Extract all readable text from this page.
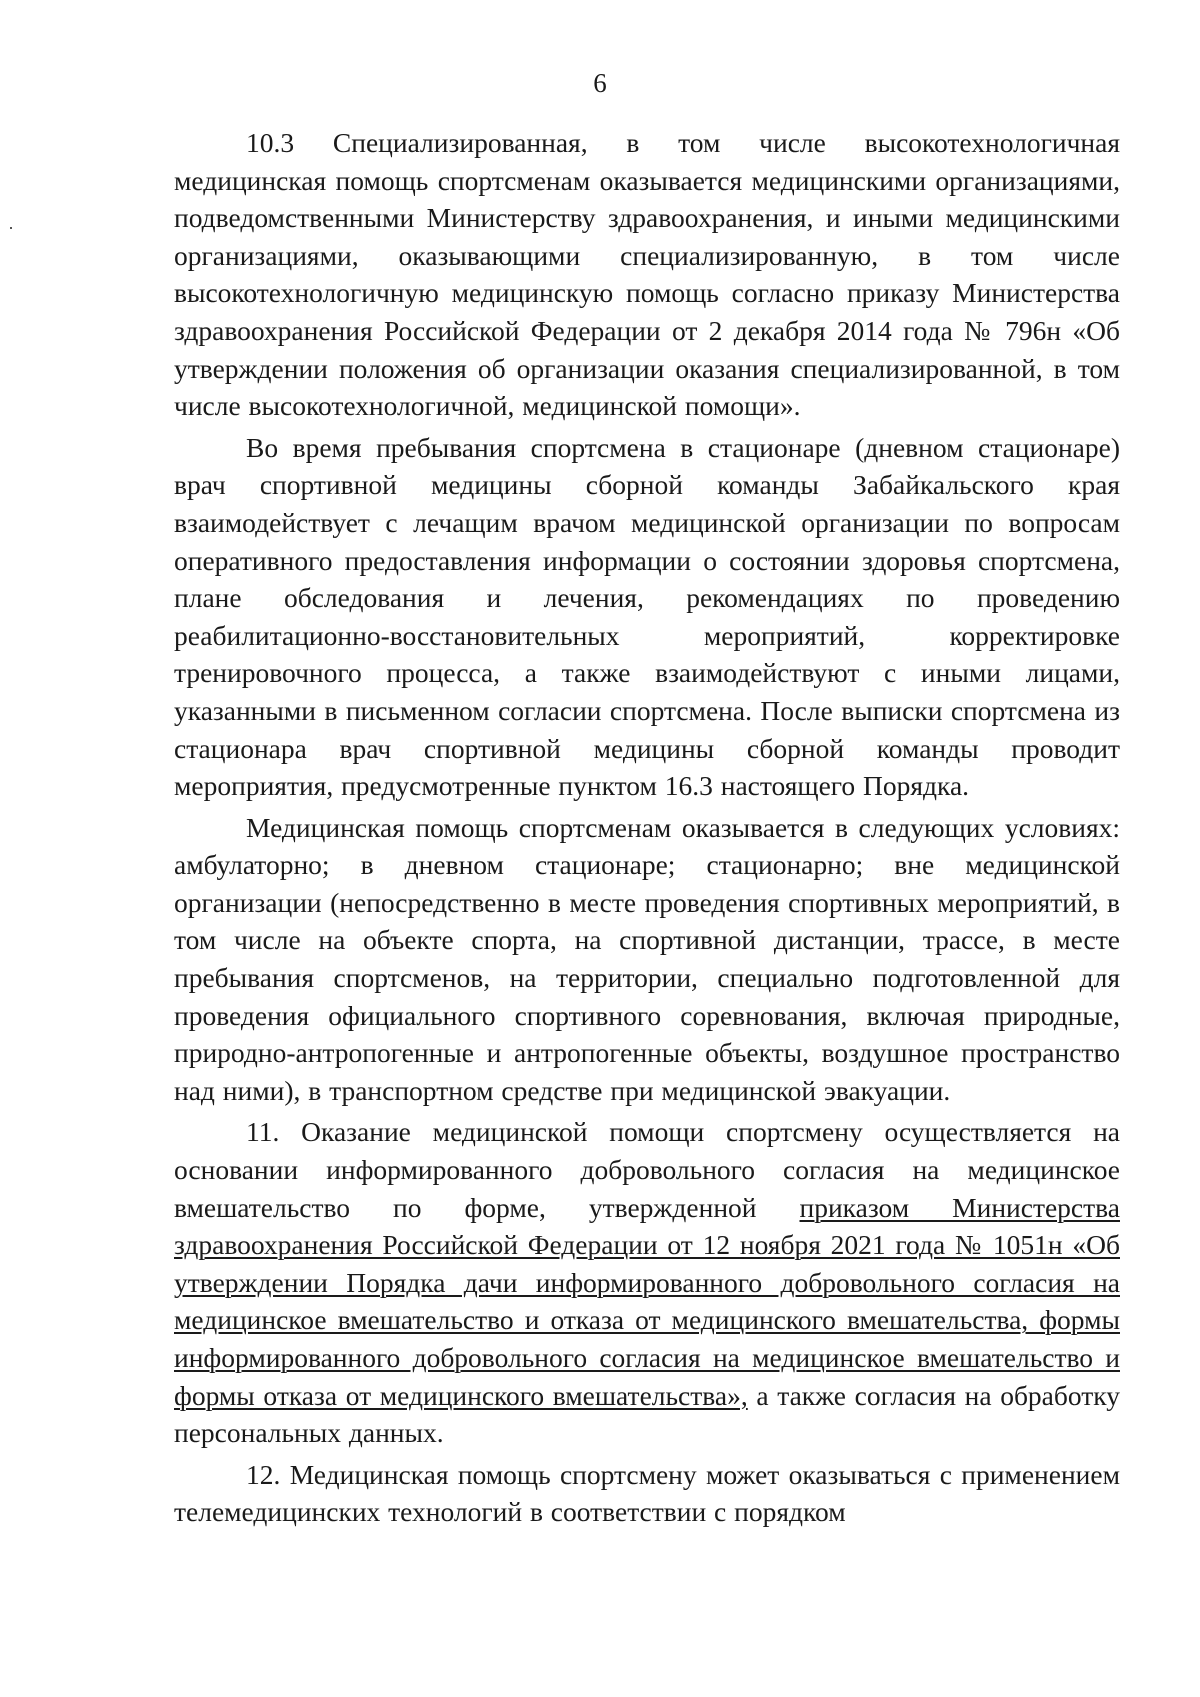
6

10.3 Специализированная, в том числе высокотехнологичная медицинская помощь спортсменам оказывается медицинскими организациями, подведомственными Министерству здравоохранения, и иными медицинскими организациями, оказывающими специализированную, в том числе высокотехнологичную медицинскую помощь согласно приказу Министерства здравоохранения Российской Федерации от 2 декабря 2014 года № 796н «Об утверждении положения об организации оказания специализированной, в том числе высокотехнологичной, медицинской помощи».

Во время пребывания спортсмена в стационаре (дневном стационаре) врач спортивной медицины сборной команды Забайкальского края взаимодействует с лечащим врачом медицинской организации по вопросам оперативного предоставления информации о состоянии здоровья спортсмена, плане обследования и лечения, рекомендациях по проведению реабилитационно-восстановительных мероприятий, корректировке тренировочного процесса, а также взаимодействуют с иными лицами, указанными в письменном согласии спортсмена. После выписки спортсмена из стационара врач спортивной медицины сборной команды проводит мероприятия, предусмотренные пунктом 16.3 настоящего Порядка.

Медицинская помощь спортсменам оказывается в следующих условиях: амбулаторно; в дневном стационаре; стационарно; вне медицинской организации (непосредственно в месте проведения спортивных мероприятий, в том числе на объекте спорта, на спортивной дистанции, трассе, в месте пребывания спортсменов, на территории, специально подготовленной для проведения официального спортивного соревнования, включая природные, природно-антропогенные и антропогенные объекты, воздушное пространство над ними), в транспортном средстве при медицинской эвакуации.

11. Оказание медицинской помощи спортсмену осуществляется на основании информированного добровольного согласия на медицинское вмешательство по форме, утвержденной приказом Министерства здравоохранения Российской Федерации от 12 ноября 2021 года № 1051н «Об утверждении Порядка дачи информированного добровольного согласия на медицинское вмешательство и отказа от медицинского вмешательства, формы информированного добровольного согласия на медицинское вмешательство и формы отказа от медицинского вмешательства», а также согласия на обработку персональных данных.

12. Медицинская помощь спортсмену может оказываться с применением телемедицинских технологий в соответствии с порядком
